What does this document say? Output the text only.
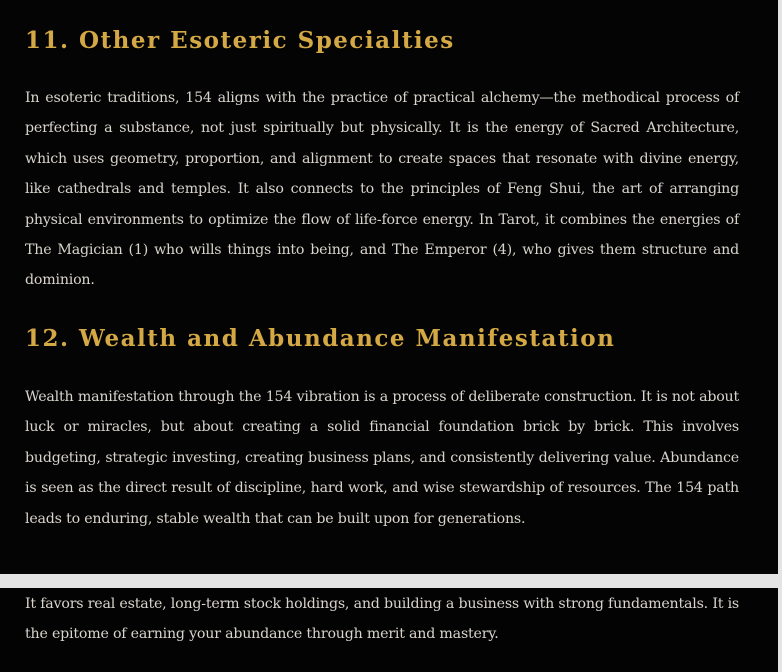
11. Other Esoteric Specialties

In esoteric traditions, 154 aligns with the practice of practical alchemy—the methodical process of perfecting a substance, not just spiritually but physically. It is the energy of Sacred Architecture, which uses geometry, proportion, and alignment to create spaces that resonate with divine energy, like cathedrals and temples. It also connects to the principles of Feng Shui, the art of arranging physical environments to optimize the flow of life-force energy. In Tarot, it combines the energies of The Magician (1) who wills things into being, and The Emperor (4), who gives them structure and dominion.

12. Wealth and Abundance Manifestation

Wealth manifestation through the 154 vibration is a process of deliberate construction. It is not about luck or miracles, but about creating a solid financial foundation brick by brick. This involves budgeting, strategic investing, creating business plans, and consistently delivering value. Abundance is seen as the direct result of discipline, hard work, and wise stewardship of resources. The 154 path leads to enduring, stable wealth that can be built upon for generations.

It favors real estate, long-term stock holdings, and building a business with strong fundamentals. It is the epitome of earning your abundance through merit and mastery.
